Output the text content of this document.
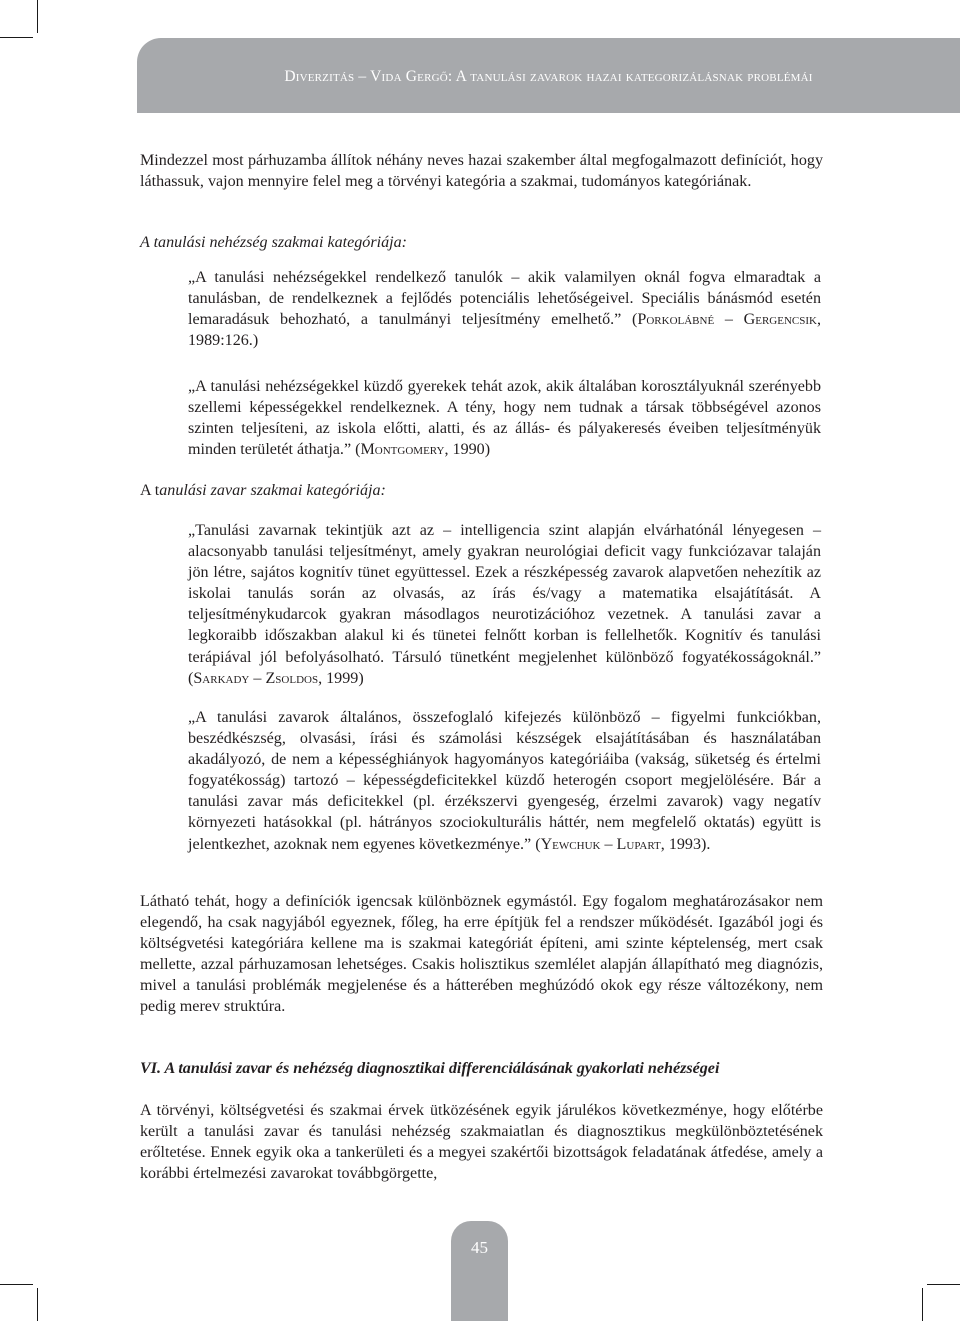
Diverzitás – Vida Gergő: A tanulási zavarok hazai kategorizálásnak problémái

Mindezzel most párhuzamba állítok néhány neves hazai szakember által megfogalmazott definíciót, hogy láthassuk, vajon mennyire felel meg a törvényi kategória a szakmai, tudományos kategóriának.

A tanulási nehézség szakmai kategóriája:

„A tanulási nehézségekkel rendelkező tanulók – akik valamilyen oknál fogva elmaradtak a tanulásban, de rendelkeznek a fejlődés potenciális lehetőségeivel. Speciális bánásmód esetén lemaradásuk behozható, a tanulmányi teljesítmény emelhető.” (Porkolábné – Gergencsik, 1989:126.)

„A tanulási nehézségekkel küzdő gyerekek tehát azok, akik általában korosztályuknál szerényebb szellemi képességekkel rendelkeznek. A tény, hogy nem tudnak a társak többségével azonos szinten teljesíteni, az iskola előtti, alatti, és az állás- és pályakeresés éveiben teljesítményük minden területét áthatja.” (Montgomery, 1990)

A tanulási zavar szakmai kategóriája:

„Tanulási zavarnak tekintjük azt az – intelligencia szint alapján elvárhatónál lényegesen – alacsonyabb tanulási teljesítményt, amely gyakran neurológiai deficit vagy funkciózavar talaján jön létre, sajátos kognitív tünet együttessel. Ezek a részképesség zavarok alapvetően nehezítik az iskolai tanulás során az olvasás, az írás és/vagy a matematika elsajátítását. A teljesítménykudarcok gyakran másodlagos neurotizációhoz vezetnek. A tanulási zavar a legkoraibb időszakban alakul ki és tünetei felnőtt korban is fellelhetők. Kognitív és tanulási terápiával jól befolyásolható. Társuló tünetként megjelenhet különböző fogyatékosságoknál.” (Sarkady – Zsoldos, 1999)

„A tanulási zavarok általános, összefoglaló kifejezés különböző – figyelmi funkciókban, beszédkészség, olvasási, írási és számolási készségek elsajátításában és használatában akadályozó, de nem a képességhiányok hagyományos kategóriáiba (vakság, süketség és értelmi fogyatékosság) tartozó – képességdeficitekkel küzdő heterogén csoport megjelölésére. Bár a tanulási zavar más deficitekkel (pl. érzékszervi gyengeség, érzelmi zavarok) vagy negatív környezeti hatásokkal (pl. hátrányos szociokulturális háttér, nem megfelelő oktatás) együtt is jelentkezhet, azoknak nem egyenes következménye.” (Yewchuk – Lupart, 1993).

Látható tehát, hogy a definíciók igencsak különböznek egymástól. Egy fogalom meghatározásakor nem elegendő, ha csak nagyjából egyeznek, főleg, ha erre építjük fel a rendszer működését. Igazából jogi és költségvetési kategóriára kellene ma is szakmai kategóriát építeni, ami szinte képtelenség, mert csak mellette, azzal párhuzamosan lehetséges. Csakis holisztikus szemlélet alapján állapítható meg diagnózis, mivel a tanulási problémák megjelenése és a hátterében meghúzódó okok egy része változékony, nem pedig merev struktúra.

VI. A tanulási zavar és nehézség diagnosztikai differenciálásának gyakorlati nehézségei

A törvényi, költségvetési és szakmai érvek ütközésének egyik járulékos következménye, hogy előtérbe került a tanulási zavar és tanulási nehézség szakmaiatlan és diagnosztikus megkülönböztetésének erőltetése. Ennek egyik oka a tankerületi és a megyei szakértői bizottságok feladatának átfedése, amely a korábbi értelmezési zavarokat továbbgörgette,

45
